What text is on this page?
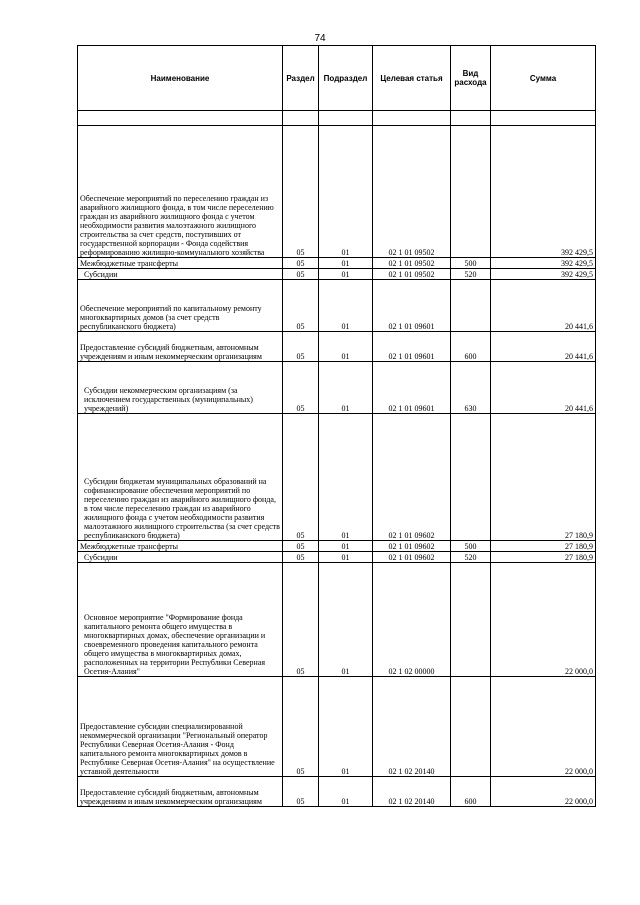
74
Наименование	Раздел	Подраздел	Целевая статья	Вид расхода	Сумма

Обеспечение мероприятий по переселению граждан из аварийного жилищного фонда, в том числе переселению граждан из аварийного жилищного фонда с учетом необходимости развития малоэтажного жилищного строительства за счет средств, поступивших от государственной корпорации - Фонда содействия реформированию жилищно-коммунального хозяйства	05	01	02 1 01 09502		392 429,5
Межбюджетные трансферты	05	01	02 1 01 09502	500	392 429,5
Субсидии	05	01	02 1 01 09502	520	392 429,5
Обеспечение мероприятий по капитальному ремонту многоквартирных домов (за счет средств республиканского бюджета)	05	01	02 1 01 09601		20 441,6
Предоставление субсидий бюджетным, автономным учреждениям и иным некоммерческим организациям	05	01	02 1 01 09601	600	20 441,6
Субсидии некоммерческим организациям (за исключением государственных (муниципальных) учреждений)	05	01	02 1 01 09601	630	20 441,6
Субсидии бюджетам муниципальных образований на софинансирование обеспечения мероприятий по переселению граждан из аварийного жилищного фонда, в том числе переселению граждан из аварийного жилищного фонда с учетом необходимости развития малоэтажного жилищного строительства (за счет средств республиканского бюджета)	05	01	02 1 01 09602		27 180,9
Межбюджетные трансферты	05	01	02 1 01 09602	500	27 180,9
Субсидии	05	01	02 1 01 09602	520	27 180,9
Основное мероприятие "Формирование фонда капитального ремонта общего имущества в многоквартирных домах, обеспечение организации и своевременного проведения капитального ремонта общего имущества в многоквартирных домах, расположенных на территории Республики Северная Осетия-Алания"	05	01	02 1 02 00000		22 000,0
Предоставление субсидии специализированной некоммерческой организации "Региональный оператор Республики Северная Осетия-Алания - Фонд капитального ремонта многоквартирных домов в Республике Северная Осетия-Алания" на осуществление уставной деятельности	05	01	02 1 02 20140		22 000,0
Предоставление субсидий бюджетным, автономным учреждениям и иным некоммерческим организациям	05	01	02 1 02 20140	600	22 000,0
